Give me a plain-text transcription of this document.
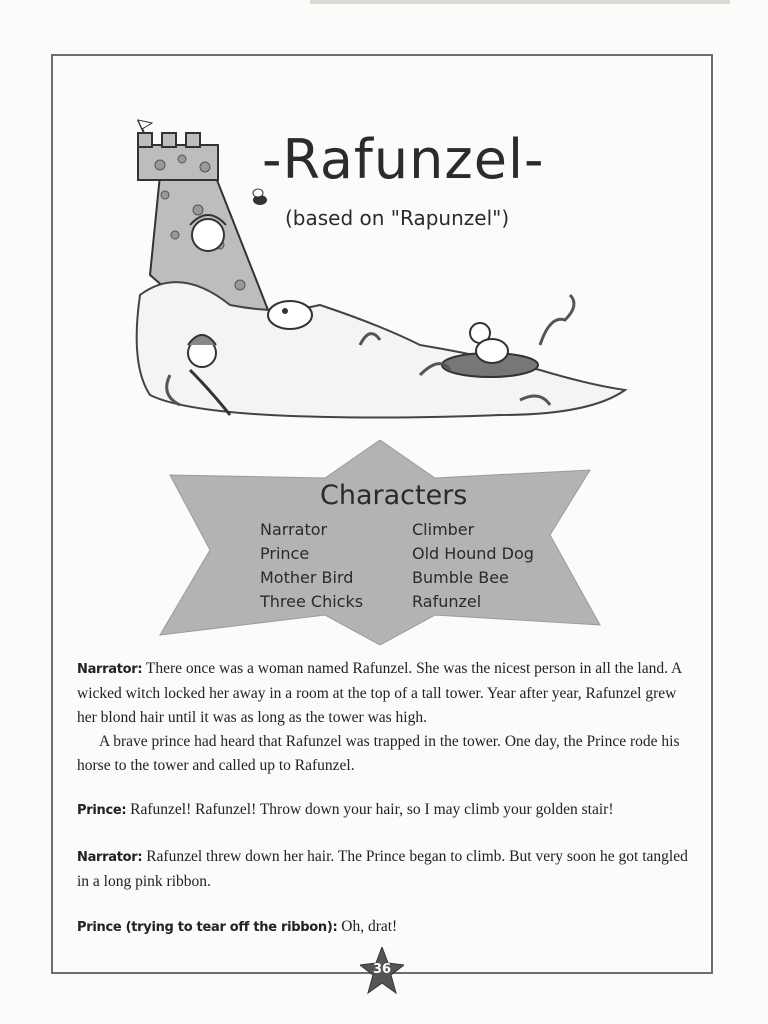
-Rafunzel-
(based on "Rapunzel")
Characters
Narrator
Prince
Mother Bird
Three Chicks
Climber
Old Hound Dog
Bumble Bee
Rafunzel
Narrator: There once was a woman named Rafunzel. She was the nicest person in all the land. A wicked witch locked her away in a room at the top of a tall tower. Year after year, Rafunzel grew her blond hair until it was as long as the tower was high.
A brave prince had heard that Rafunzel was trapped in the tower. One day, the Prince rode his horse to the tower and called up to Rafunzel.
Prince: Rafunzel! Rafunzel! Throw down your hair, so I may climb your golden stair!
Narrator: Rafunzel threw down her hair. The Prince began to climb. But very soon he got tangled in a long pink ribbon.
Prince (trying to tear off the ribbon): Oh, drat!
36
